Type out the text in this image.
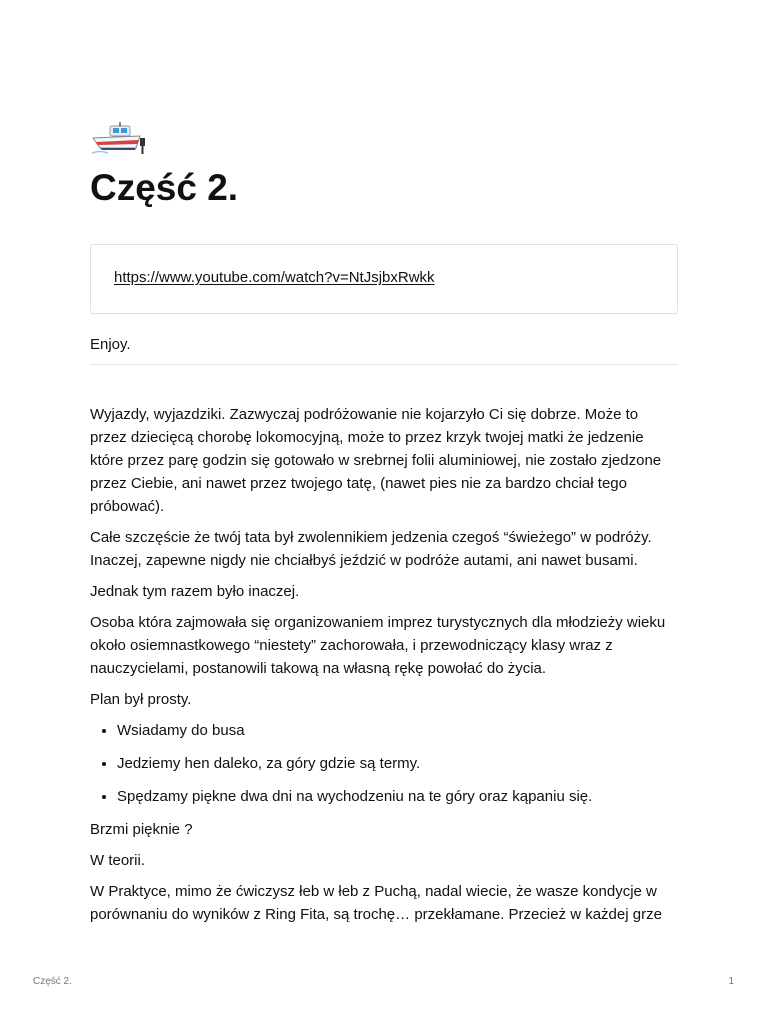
Część 2.
https://www.youtube.com/watch?v=NtJsjbxRwkk

Enjoy.

Wyjazdy, wyjazdziki. Zazwyczaj podróżowanie nie kojarzyło Ci się dobrze. Może to przez dziecięcą chorobę lokomocyjną, może to przez krzyk twojej matki że jedzenie które przez parę godzin się gotowało w srebrnej folii aluminiowej, nie zostało zjedzone przez Ciebie, ani nawet przez twojego tatę, (nawet pies nie za bardzo chciał tego próbować).

Całe szczęście że twój tata był zwolennikiem jedzenia czegoś “świeżego” w podróży. Inaczej, zapewne nigdy nie chciałbyś jeździć w podróże autami, ani nawet busami.

Jednak tym razem było inaczej.

Osoba która zajmowała się organizowaniem imprez turystycznych dla młodzieży wieku około osiemnastkowego “niestety” zachorowała, i przewodniczący klasy wraz z nauczycielami, postanowili takową na własną rękę powołać do życia.

Plan był prosty.

• Wsiadamy do busa
• Jedziemy hen daleko, za góry gdzie są termy.
• Spędzamy piękne dwa dni na wychodzeniu na te góry oraz kąpaniu się.

Brzmi pięknie ?

W teorii.

W Praktyce, mimo że ćwiczysz łeb w łeb z Puchą, nadal wiecie, że wasze kondycje w porównaniu do wyników z Ring Fita, są trochę… przekłamane. Przecież w każdej grze

Część 2.	1
